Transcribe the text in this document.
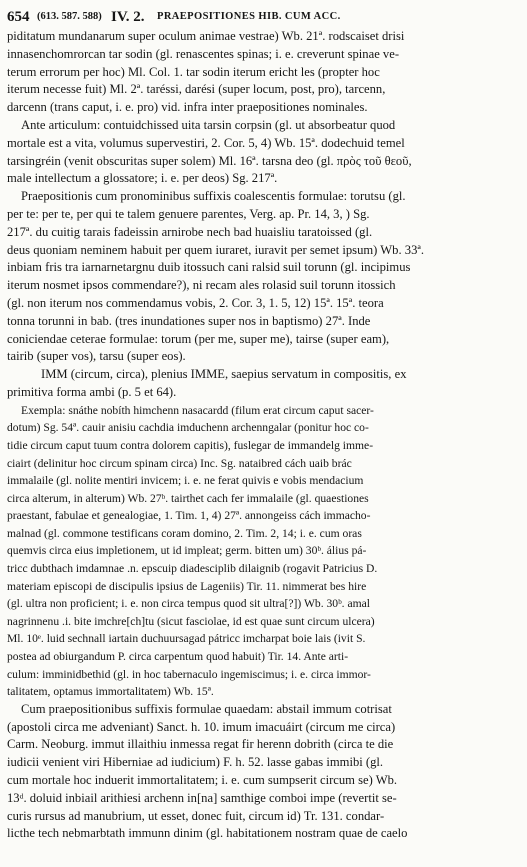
654 (613. 587. 588) IV. 2. PRAEPOSITIONES HIB. CUM ACC.
piditatum mundanarum super oculum animae vestrae) Wb. 21ª. rodscaiset drisi
innasenchomrorcan tar sodin (gl. renascentes spinas; i. e. creverunt spinae ve-
terum errorum per hoc) Ml. Col. 1. tar sodin iterum ericht les (propter hoc
iterum necesse fuit) Ml. 2ª. taréssi, darési (super locum, post, pro), tarcenn,
darcenn (trans caput, i. e. pro) vid. infra inter praepositiones nominales.
Ante articulum: contuidchissed uita tarsin corpsin (gl. ut absorbeatur quod
mortale est a vita, volumus supervestiri, 2. Cor. 5, 4) Wb. 15ª. dodechuid temel
tarsingréin (venit obscuritas super solem) Ml. 16ª. tarsna deo (gl. πρὸς τοῦ θεοῦ,
male intellectum a glossatore; i. e. per deos) Sg. 217ª.
Praepositionis cum pronominibus suffixis coalescentis formulae: torutsu (gl.
per te: per te, per qui te talem genuere parentes, Verg. ap. Pr. 14, 3, ) Sg.
217ª. du cuitig tarais fadeissin arnirobe nech bad huaisliu taratoissed (gl.
deus quoniam neminem habuit per quem iuraret, iuravit per semet ipsum) Wb. 33ª.
inbiam fris tra iarnarnetargnu duib itossuch cani ralsid suil torunn (gl. incipimus
iterum nosmet ipsos commendare?), ni recam ales rolasid suil torunn itossich
(gl. non iterum nos commendamus vobis, 2. Cor. 3, 1. 5, 12) 15ª. 15ª. teora
tonna torunni in bab. (tres inundationes super nos in baptismo) 27ª. Inde
coniciendae ceterae formulae: torum (per me, super me), tairse (super eam),
tairib (super vos), tarsu (super eos).
IMM (circum, circa), plenius IMME, saepius servatum in compositis, ex
primitiva forma ambi (p. 5 et 64).
Exempla: snáthe nobíth himchenn nasacardd (filum erat circum caput sacer-
dotum) Sg. 54ª. cauir anisiu cachdia imduchenn archenngalar (ponitur hoc co-
tidie circum caput tuum contra dolorem capitis), fuslegar de immandelg imme-
ciairt (delinitur hoc circum spinam circa) Inc. Sg. nataibred cách uaib brác
immalaile (gl. nolite mentiri invicem; i. e. ne ferat quivis e vobis mendacium
circa alterum, in alterum) Wb. 27ᵇ. tairthet cach fer immalaile (gl. quaestiones
praestant, fabulae et genealogiae, 1. Tim. 1, 4) 27ª. annongeiss cách immacho-
malnad (gl. commone testificans coram domino, 2. Tim. 2, 14; i. e. cum oras
quemvis circa eius impletionem, ut id impleat; germ. bitten um) 30ᵇ. álius pá-
tricc dubthach imdamnae .n. epscuip diadesciplib dilaignib (rogavit Patricius D.
materiam episcopi de discipulis ipsius de Lageniis) Tir. 11. nimmerat bes hire
(gl. ultra non proficient; i. e. non circa tempus quod sit ultra[?]) Wb. 30ᵇ. amal
nagrinnenu .i. bite imchre[ch]tu (sicut fasciolae, id est quae sunt circum ulcera)
Ml. 10ᵉ. luid sechnall iartain duchuursagad pátricc imcharpat boie lais (ivit S.
postea ad obiurgandum P. circa carpentum quod habuit) Tir. 14. Ante arti-
culum: imminidbethid (gl. in hoc tabernaculo ingemiscimus; i. e. circa immor-
talitatem, optamus immortalitatem) Wb. 15ª.
Cum praepositionibus suffixis formulae quaedam: abstail immum cotrisat
(apostoli circa me adveniant) Sanct. h. 10. imum imacuáirt (circum me circa)
Carm. Neoburg. immut illaithiu inmessa regat fir herenn dobrith (circa te die
iudicii venient viri Hiberniae ad iudicium) F. h. 52. lasse gabas immibi (gl.
cum mortale hoc induerit immortalitatem; i. e. cum sumpserit circum se) Wb.
13ᵈ. doluid inbiail arithiesi archenn in[na] samthige comboi impe (revertit se-
curis rursus ad manubrium, ut esset, donec fuit, circum id) Tr. 131. condar-
licthe tech nebmarbtath immunn dinim (gl. habitationem nostram quae de caelo
